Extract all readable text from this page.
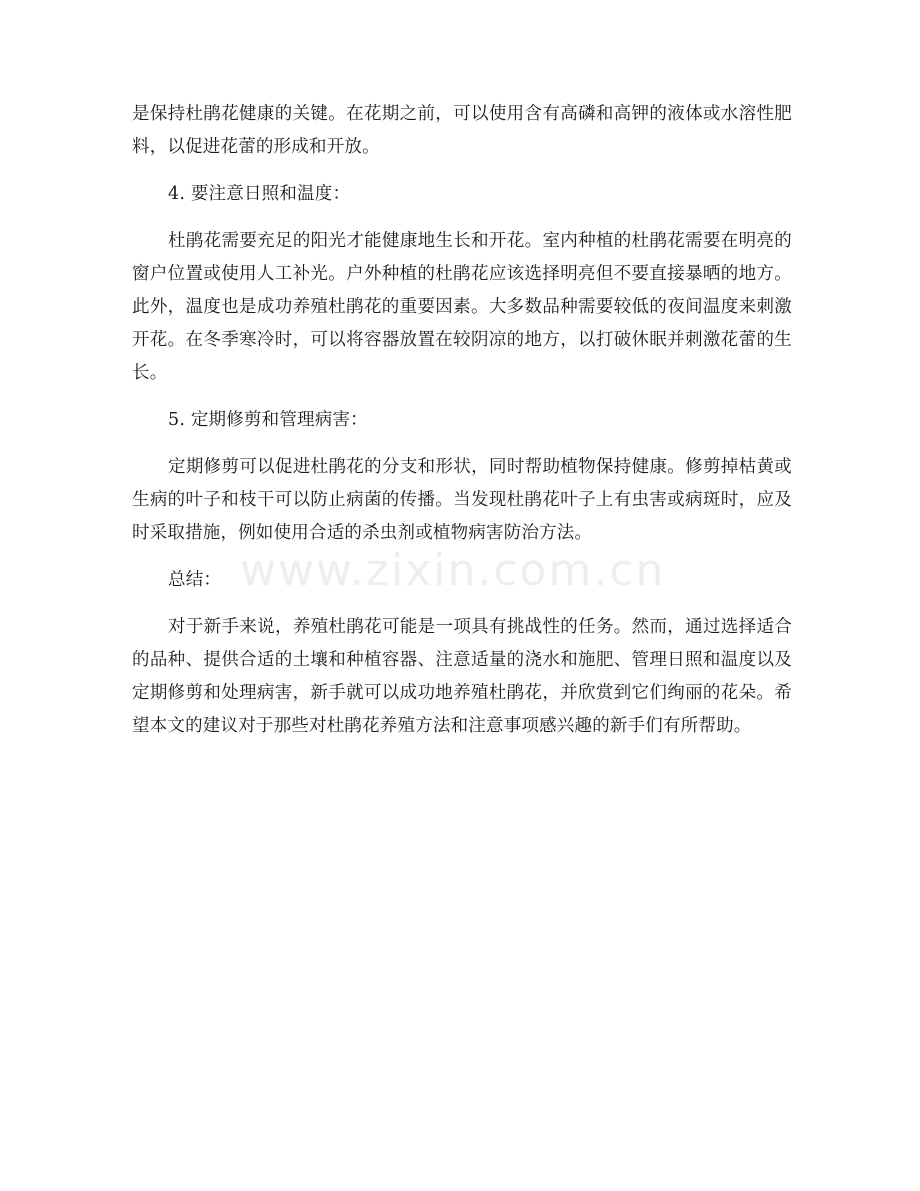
是保持杜鹃花健康的关键。在花期之前，可以使用含有高磷和高钾的液体或水溶性肥料，以促进花蕾的形成和开放。

4. 要注意日照和温度：

杜鹃花需要充足的阳光才能健康地生长和开花。室内种植的杜鹃花需要在明亮的窗户位置或使用人工补光。户外种植的杜鹃花应该选择明亮但不要直接暴晒的地方。此外，温度也是成功养殖杜鹃花的重要因素。大多数品种需要较低的夜间温度来刺激开花。在冬季寒冷时，可以将容器放置在较阴凉的地方，以打破休眠并刺激花蕾的生长。

5. 定期修剪和管理病害：

定期修剪可以促进杜鹃花的分支和形状，同时帮助植物保持健康。修剪掉枯黄或生病的叶子和枝干可以防止病菌的传播。当发现杜鹃花叶子上有虫害或病斑时，应及时采取措施，例如使用合适的杀虫剂或植物病害防治方法。

总结：

对于新手来说，养殖杜鹃花可能是一项具有挑战性的任务。然而，通过选择适合的品种、提供合适的土壤和种植容器、注意适量的浇水和施肥、管理日照和温度以及定期修剪和处理病害，新手就可以成功地养殖杜鹃花，并欣赏到它们绚丽的花朵。希望本文的建议对于那些对杜鹃花养殖方法和注意事项感兴趣的新手们有所帮助。

www.zixin.com.cn
